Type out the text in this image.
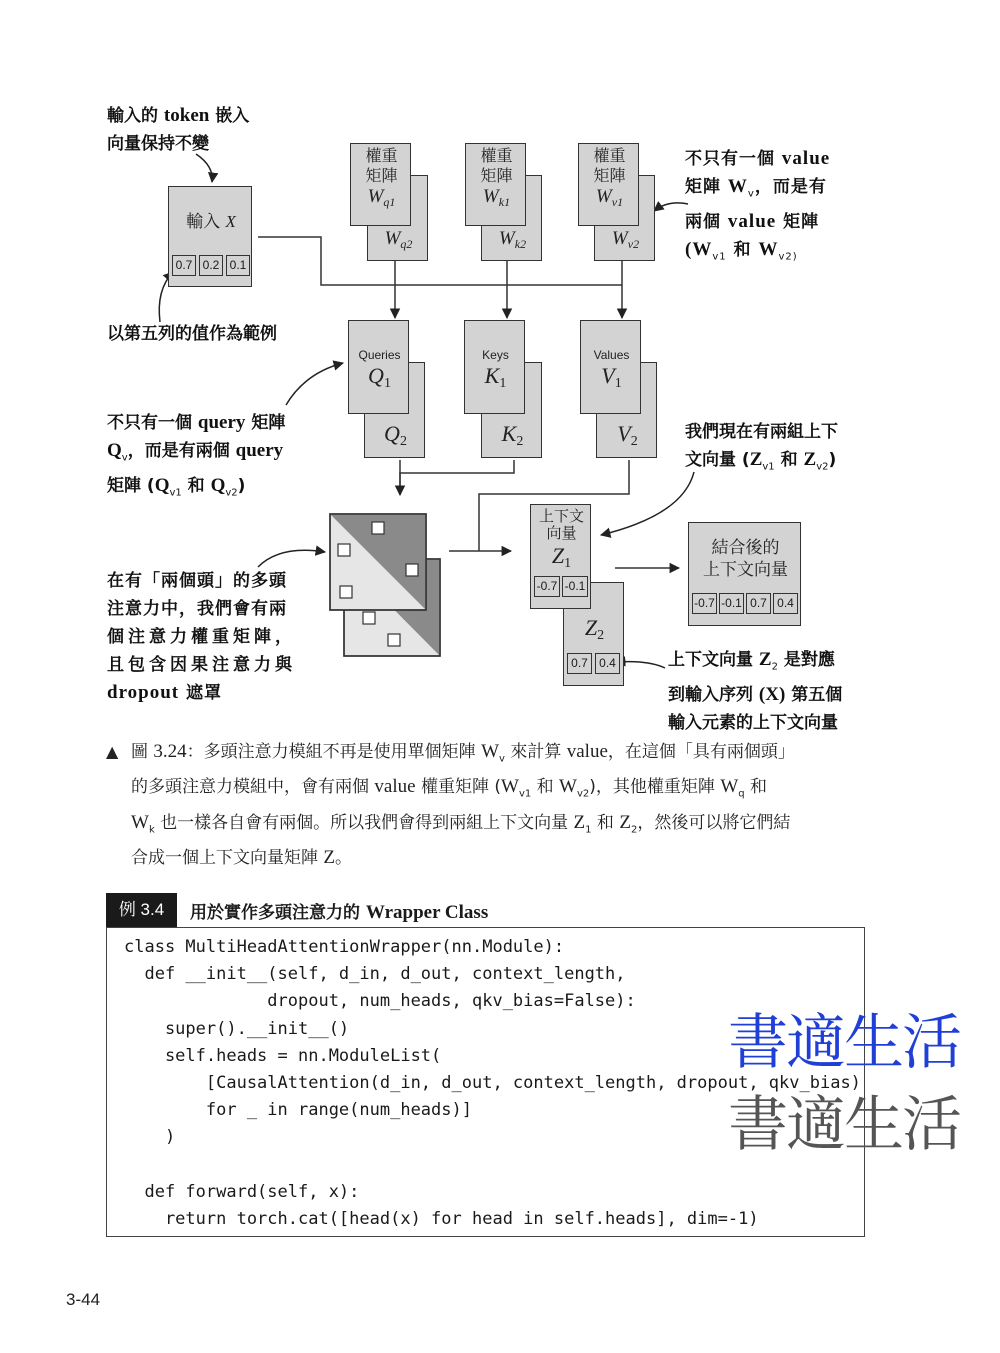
輸入 X
0.7 0.2 0.1
$W_{q2}$
權重
矩陣
$W_{q1}$
$W_{k2}$
權重
矩陣
$W_{k1}$
$W_{v2}$
權重
矩陣
$W_{v1}$
$Q_2$
Queries
$Q_1$
$K_2$
Keys
$K_1$
$V_2$
Values
$V_1$
$Z_2$
0.7 0.4
上下文
向量
$Z_1$
-0.7 -0.1
結合後的
上下文向量
-0.7 -0.1 0.7 0.4
輸入的 token 嵌入
向量保持不變
以第五列的值作為範例
不只有一個 query 矩陣
$Q_v$，而是有兩個 query
矩陣 ($Q_{v1}$ 和 $Q_{v2}$)
不只有一個 value
矩陣 $W_v$，而是有
兩個 value 矩陣
($W_{v1}$ 和 $W_{v2)}$
我們現在有兩組上下
文向量 ($Z_{v1}$ 和 $Z_{v2}$)
在有「兩個頭」的多頭
注意力中，我們會有兩
個注意力權重矩陣，
且包含因果注意力與
dropout 遮罩
上下文向量 $Z_2$ 是對應
到輸入序列 (X) 第五個
輸入元素的上下文向量
▲ 圖 3.24：多頭注意力模組不再是使用單個矩陣 $W_v$ 來計算 value，在這個「具有兩個頭」
的多頭注意力模組中，會有兩個 value 權重矩陣 ($W_{v1}$ 和 $W_{v2}$)，其他權重矩陣 $W_q$ 和
$W_k$ 也一樣各自會有兩個。所以我們會得到兩組上下文向量 $Z_1$ 和 $Z_2$，然後可以將它們結
合成一個上下文向量矩陣 Z。
例 3.4	用於實作多頭注意力的 Wrapper Class
class MultiHeadAttentionWrapper(nn.Module):
def __init__(self, d_in, d_out, context_length,
dropout, num_heads, qkv_bias=False):
super().__init__()
self.heads = nn.ModuleList(
[CausalAttention(d_in, d_out, context_length, dropout, qkv_bias)
for _ in range(num_heads)]
)

def forward(self, x):
return torch.cat([head(x) for head in self.heads], dim=-1)
書適生活
書適生活
3-44
